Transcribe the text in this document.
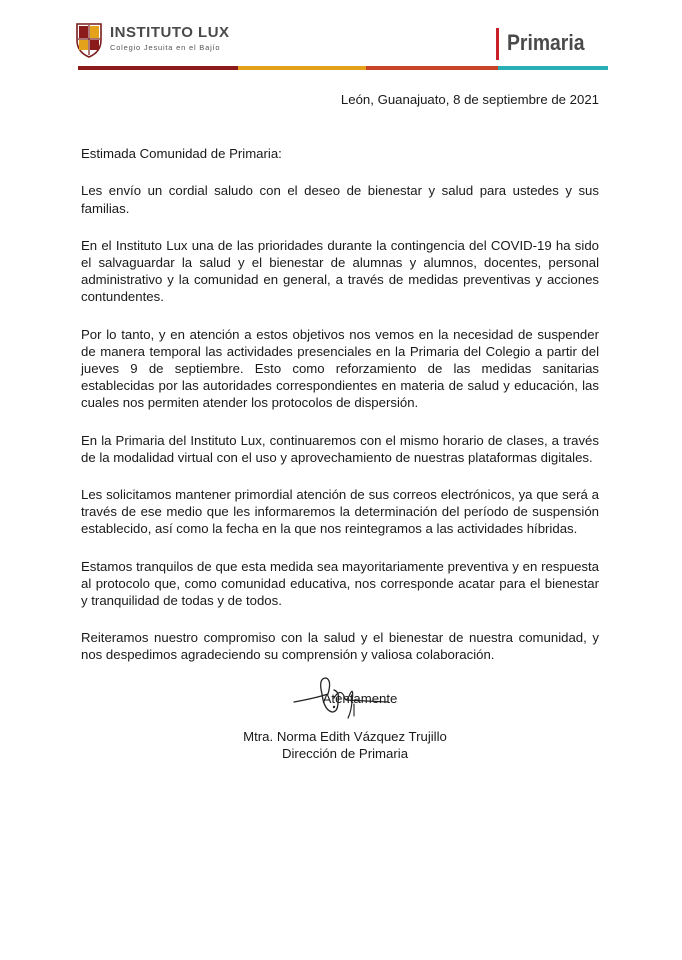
INSTITUTO LUX
Colegio Jesuita en el Bajío	Primaria

León, Guanajuato, 8 de septiembre de 2021

Estimada Comunidad de Primaria:

Les envío un cordial saludo con el deseo de bienestar y salud para ustedes y sus familias.

En el Instituto Lux una de las prioridades durante la contingencia del COVID-19 ha sido el salvaguardar la salud y el bienestar de alumnas y alumnos, docentes, personal administrativo y la comunidad en general, a través de medidas preventivas y acciones contundentes.

Por lo tanto, y en atención a estos objetivos nos vemos en la necesidad de suspender de manera temporal las actividades presenciales en la Primaria del Colegio a partir del jueves 9 de septiembre. Esto como reforzamiento de las medidas sanitarias establecidas por las autoridades correspondientes en materia de salud y educación, las cuales nos permiten atender los protocolos de dispersión.

En la Primaria del Instituto Lux, continuaremos con el mismo horario de clases, a través de la modalidad virtual con el uso y aprovechamiento de nuestras plataformas digitales.

Les solicitamos mantener primordial atención de sus correos electrónicos, ya que será a través de ese medio que les informaremos la determinación del período de suspensión establecido, así como la fecha en la que nos reintegramos a las actividades híbridas.

Estamos tranquilos de que esta medida sea mayoritariamente preventiva y en respuesta al protocolo que, como comunidad educativa, nos corresponde acatar para el bienestar y tranquilidad de todas y de todos.

Reiteramos nuestro compromiso con la salud y el bienestar de nuestra comunidad, y nos despedimos agradeciendo su comprensión y valiosa colaboración.

Atentamente

Mtra. Norma Edith Vázquez Trujillo
Dirección de Primaria
